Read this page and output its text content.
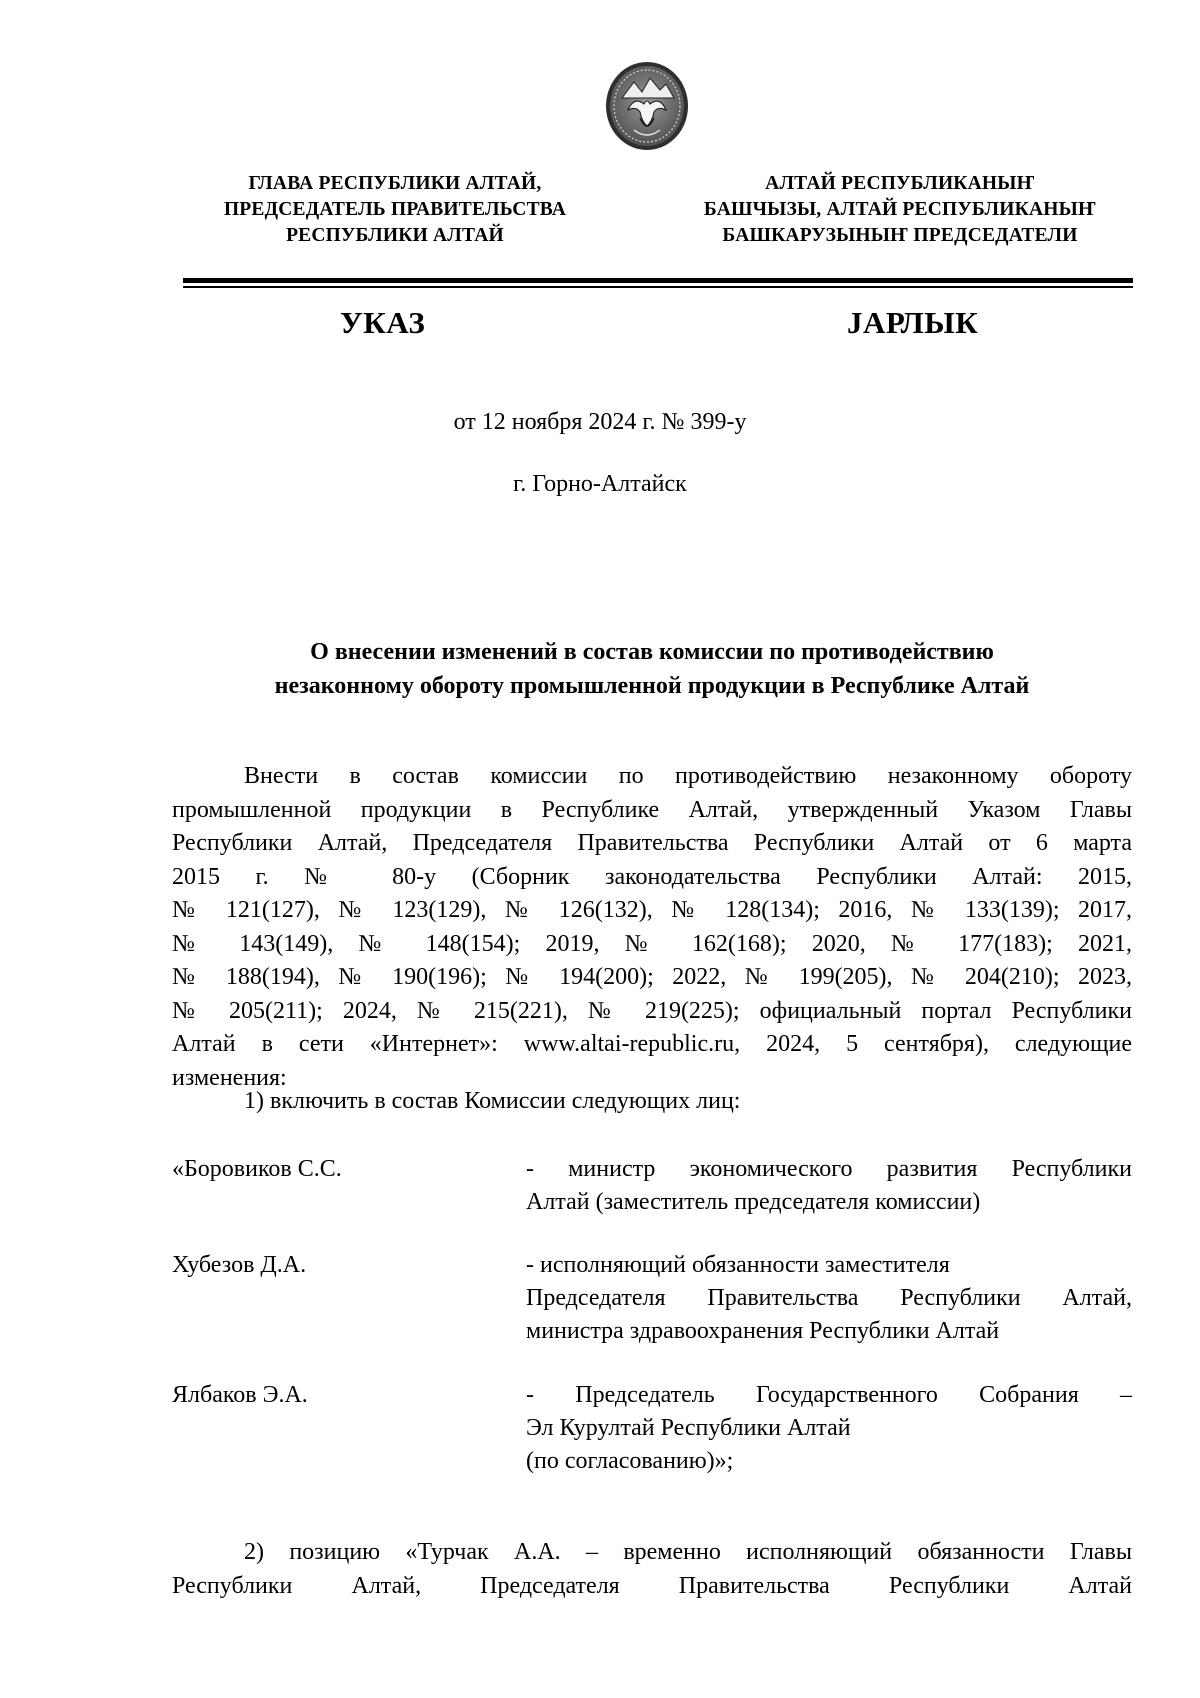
ГЛАВА РЕСПУБЛИКИ АЛТАЙ,
ПРЕДСЕДАТЕЛЬ ПРАВИТЕЛЬСТВА
РЕСПУБЛИКИ АЛТАЙ
АЛТАЙ РЕСПУБЛИКАНЫҤ
БАШЧЫЗЫ, АЛТАЙ РЕСПУБЛИКАНЫҤ
БАШКАРУЗЫНЫҤ ПРЕДСЕДАТЕЛИ
УКАЗ	JАРЛЫК
от 12 ноября 2024 г. № 399-у
г. Горно-Алтайск
О внесении изменений в состав комиссии по противодействию
незаконному обороту промышленной продукции в Республике Алтай
Внести в состав комиссии по противодействию незаконному обороту
промышленной продукции в Республике Алтай, утвержденный Указом Главы
Республики Алтай, Председателя Правительства Республики Алтай от 6 марта
2015 г. № 80-у (Сборник законодательства Республики Алтай: 2015,
№ 121(127), № 123(129), № 126(132), № 128(134); 2016, № 133(139); 2017,
№ 143(149), № 148(154); 2019, № 162(168); 2020, № 177(183); 2021,
№ 188(194), № 190(196); № 194(200); 2022, № 199(205), № 204(210); 2023,
№ 205(211); 2024, № 215(221), № 219(225); официальный портал Республики
Алтай в сети «Интернет»: www.altai-republic.ru, 2024, 5 сентября), следующие
изменения:
1) включить в состав Комиссии следующих лиц:
«Боровиков С.С.	- министр экономического развития Республики
Алтай (заместитель председателя комиссии)
Хубезов Д.А.	- исполняющий обязанности заместителя
Председателя Правительства Республики Алтай,
министра здравоохранения Республики Алтай
Ялбаков Э.А.	- Председатель Государственного Собрания –
Эл Курултай Республики Алтай
(по согласованию)»;
2) позицию «Турчак А.А. – временно исполняющий обязанности Главы
Республики Алтай, Председателя Правительства Республики Алтай
